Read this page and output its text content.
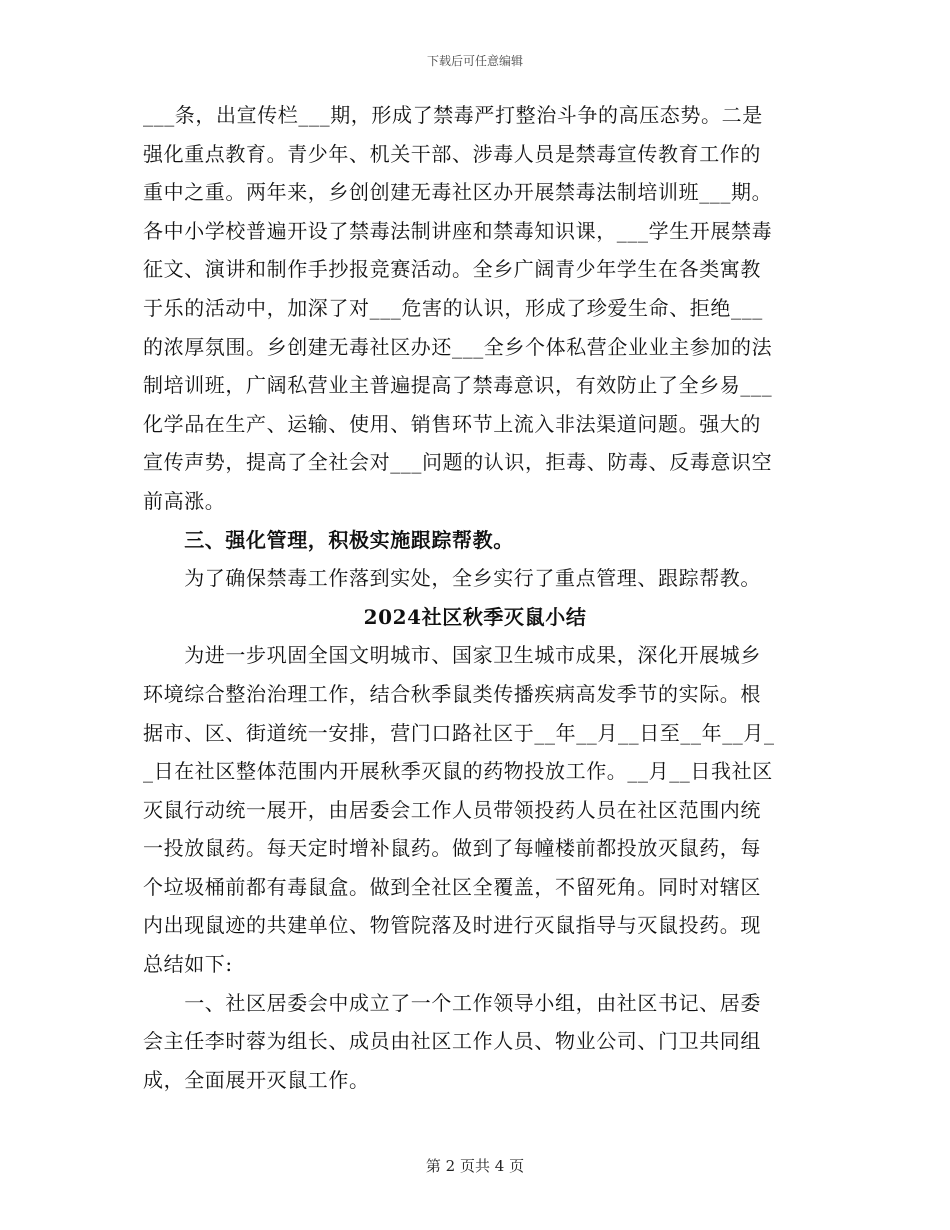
下载后可任意编辑
___条，出宣传栏___期，形成了禁毒严打整治斗争的高压态势。二是
强化重点教育。青少年、机关干部、涉毒人员是禁毒宣传教育工作的
重中之重。两年来，乡创创建无毒社区办开展禁毒法制培训班___期。
各中小学校普遍开设了禁毒法制讲座和禁毒知识课，___学生开展禁毒
征文、演讲和制作手抄报竞赛活动。全乡广阔青少年学生在各类寓教
于乐的活动中，加深了对___危害的认识，形成了珍爱生命、拒绝___
的浓厚氛围。乡创建无毒社区办还___全乡个体私营企业业主参加的法
制培训班，广阔私营业主普遍提高了禁毒意识，有效防止了全乡易___
化学品在生产、运输、使用、销售环节上流入非法渠道问题。强大的
宣传声势，提高了全社会对___问题的认识，拒毒、防毒、反毒意识空
前高涨。
　　三、强化管理，积极实施跟踪帮教。
　　为了确保禁毒工作落到实处，全乡实行了重点管理、跟踪帮教。
2024社区秋季灭鼠小结
　　为进一步巩固全国文明城市、国家卫生城市成果，深化开展城乡
环境综合整治治理工作，结合秋季鼠类传播疾病高发季节的实际。根
据市、区、街道统一安排，营门口路社区于__年__月__日至__年__月_
_日在社区整体范围内开展秋季灭鼠的药物投放工作。__月__日我社区
灭鼠行动统一展开，由居委会工作人员带领投药人员在社区范围内统
一投放鼠药。每天定时增补鼠药。做到了每幢楼前都投放灭鼠药，每
个垃圾桶前都有毒鼠盒。做到全社区全覆盖，不留死角。同时对辖区
内出现鼠迹的共建单位、物管院落及时进行灭鼠指导与灭鼠投药。现
总结如下:
　　一、社区居委会中成立了一个工作领导小组，由社区书记、居委
会主任李时蓉为组长、成员由社区工作人员、物业公司、门卫共同组
成，全面展开灭鼠工作。
第 2 页共 4 页
